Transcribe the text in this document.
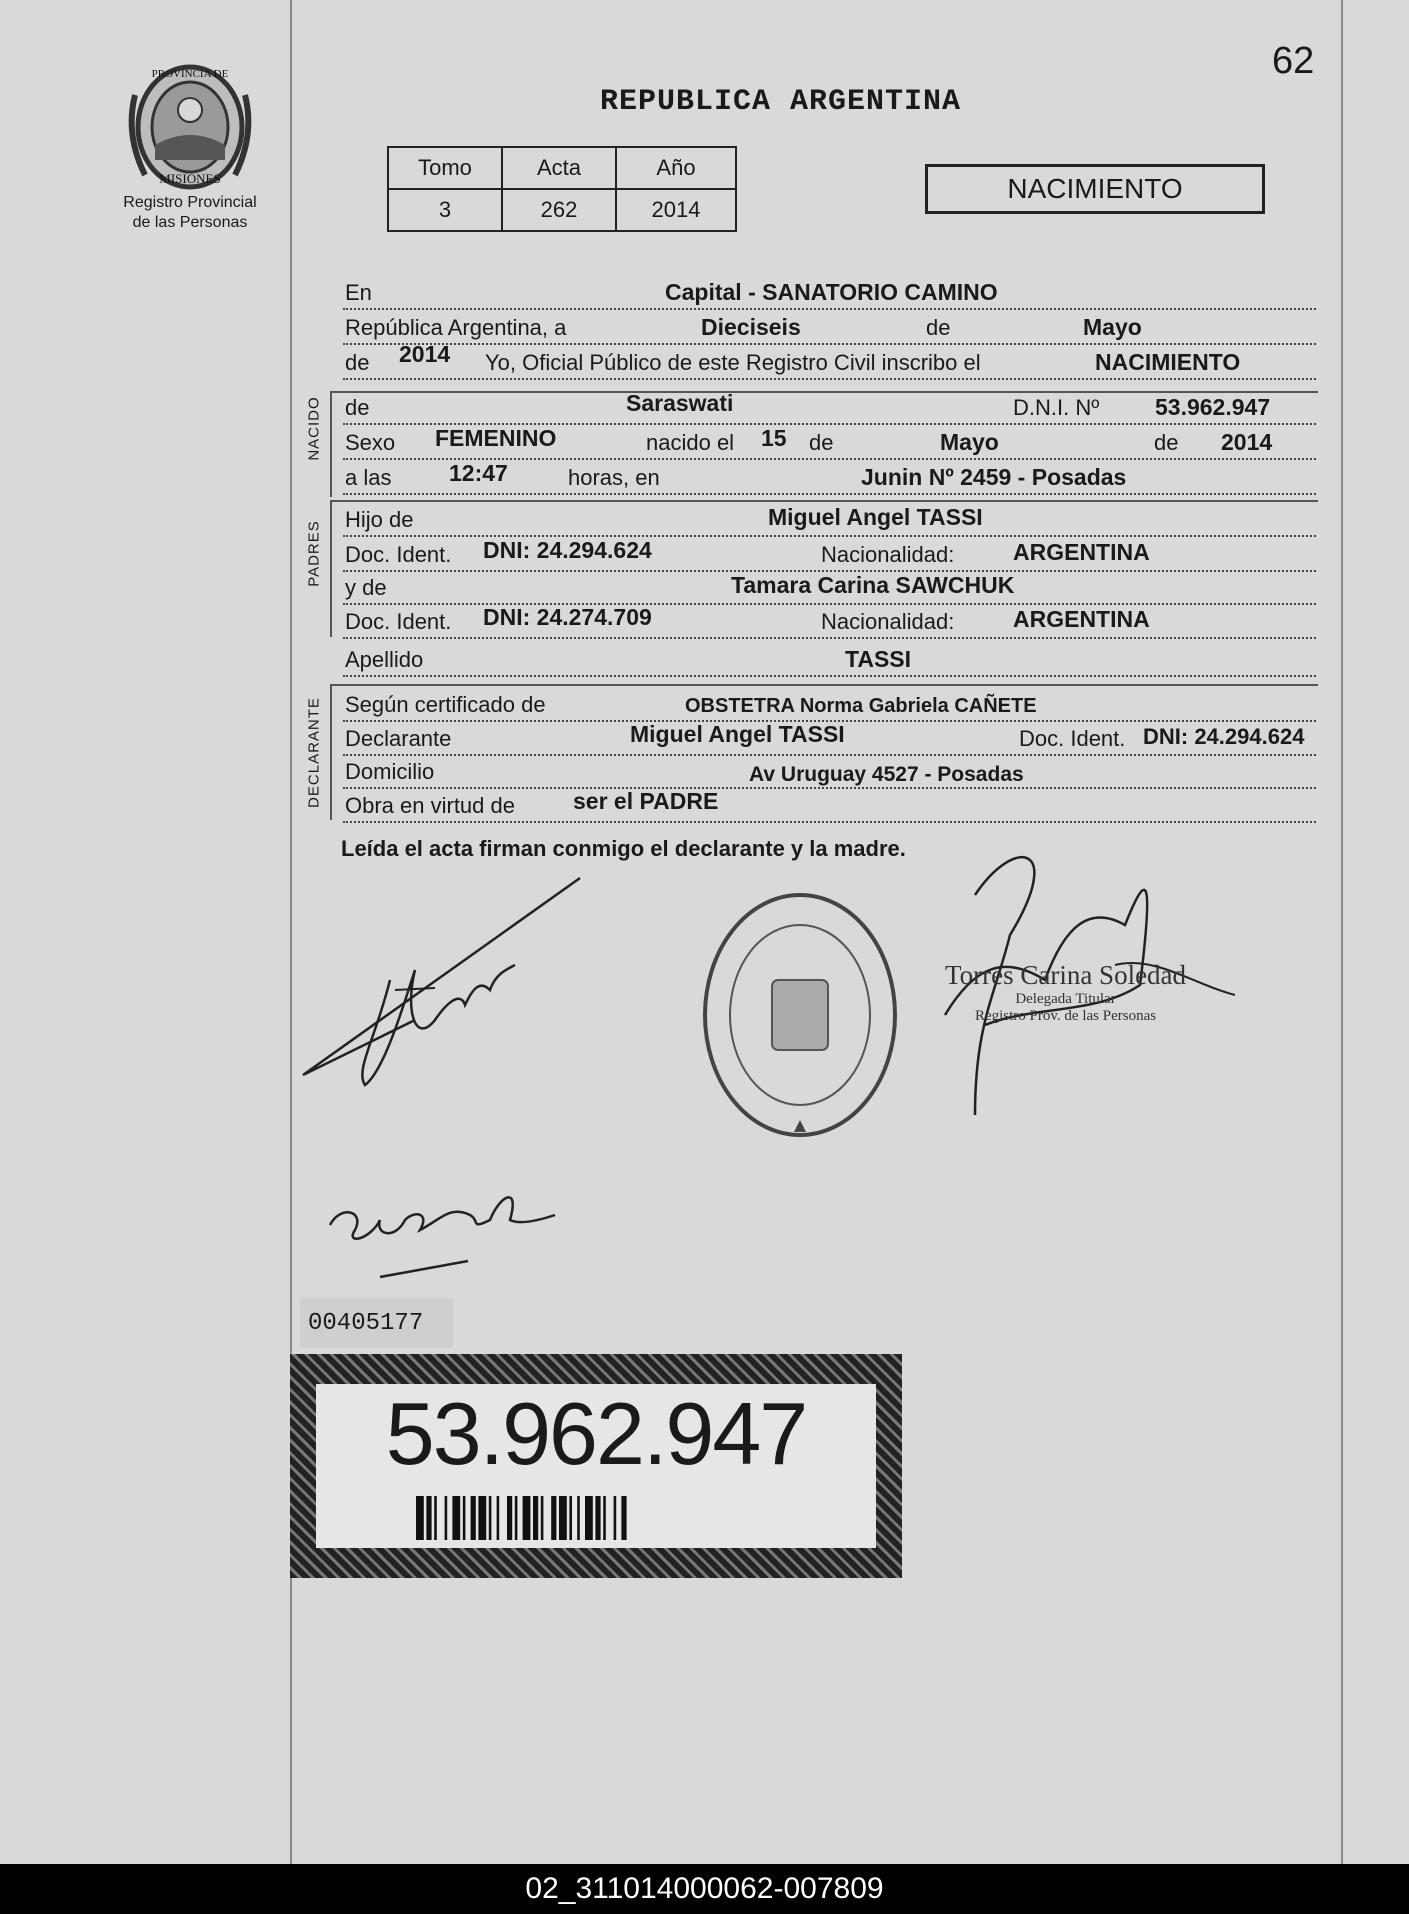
62
PROVINCIA DE
MISIONES
Registro Provincial
de las Personas
REPUBLICA ARGENTINA
Tomo	Acta	Año
3	262	2014
NACIMIENTO
En	Capital - SANATORIO CAMINO
República Argentina, a	Dieciseis	de	Mayo
de 2014 Yo, Oficial Público de este Registro Civil inscribo el	NACIMIENTO
NACIDO de	Saraswati	D.N.I. Nº 53.962.947
Sexo FEMENINO	nacido el 15 de	Mayo	de 2014
a las	12:47	horas, en	Junin Nº 2459 - Posadas
PADRES
Hijo de	Miguel Angel TASSI
Doc. Ident. DNI: 24.294.624	Nacionalidad:	ARGENTINA
y de	Tamara Carina SAWCHUK
Doc. Ident. DNI: 24.274.709	Nacionalidad:	ARGENTINA
Apellido	TASSI
DECLARANTE Según certificado de	OBSTETRA Norma Gabriela CAÑETE
Declarante	Miguel Angel TASSI	Doc. Ident. DNI: 24.294.624
Domicilio	Av Uruguay 4527 - Posadas
Obra en virtud de	ser el PADRE
Leída el acta firman conmigo el declarante y la madre.
Torres Carina Soledad
Delegada Titular
Registro Prov. de las Personas
00405177
53.962.947
02_311014000062-007809
